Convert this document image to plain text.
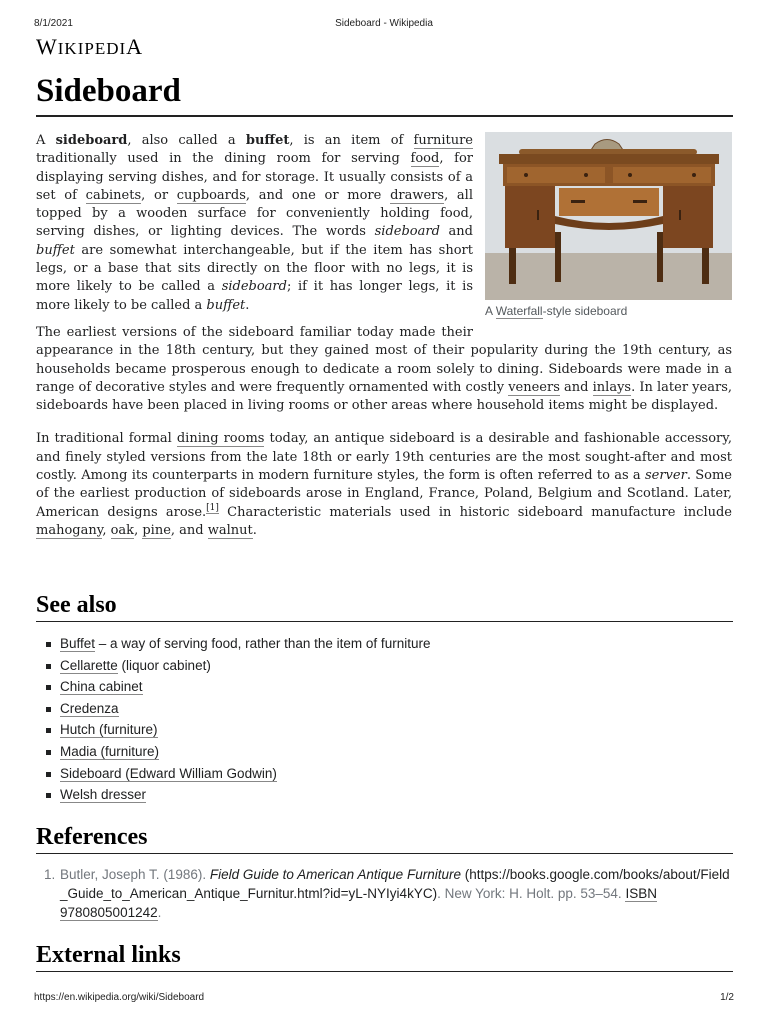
8/1/2021	Sideboard - Wikipedia
WIKIPEDIA
Sideboard
A Waterfall-style sideboard

A sideboard, also called a buffet, is an item of furniture traditionally used in the dining room for serving food, for displaying serving dishes, and for storage. It usually consists of a set of cabinets, or cupboards, and one or more drawers, all topped by a wooden surface for conveniently holding food, serving dishes, or lighting devices. The words sideboard and buffet are somewhat interchangeable, but if the item has short legs, or a base that sits directly on the floor with no legs, it is more likely to be called a sideboard; if it has longer legs, it is more likely to be called a buffet.

The earliest versions of the sideboard familiar today made their appearance in the 18th century, but they gained most of their popularity during the 19th century, as households became prosperous enough to dedicate a room solely to dining. Sideboards were made in a range of decorative styles and were frequently ornamented with costly veneers and inlays. In later years, sideboards have been placed in living rooms or other areas where household items might be displayed.

In traditional formal dining rooms today, an antique sideboard is a desirable and fashionable accessory, and finely styled versions from the late 18th or early 19th centuries are the most sought-after and most costly. Among its counterparts in modern furniture styles, the form is often referred to as a server. Some of the earliest production of sideboards arose in England, France, Poland, Belgium and Scotland. Later, American designs arose.[1] Characteristic materials used in historic sideboard manufacture include mahogany, oak, pine, and walnut.

See also
Buffet – a way of serving food, rather than the item of furniture
Cellarette (liquor cabinet)
China cabinet
Credenza
Hutch (furniture)
Madia (furniture)
Sideboard (Edward William Godwin)
Welsh dresser
References
1. Butler, Joseph T. (1986). Field Guide to American Antique Furniture (https://books.google.com/books/about/Field_Guide_to_American_Antique_Furnitur.html?id=yL-NYIyi4kYC). New York: H. Holt. pp. 53–54. ISBN 9780805001242.
External links
https://en.wikipedia.org/wiki/Sideboard	1/2
